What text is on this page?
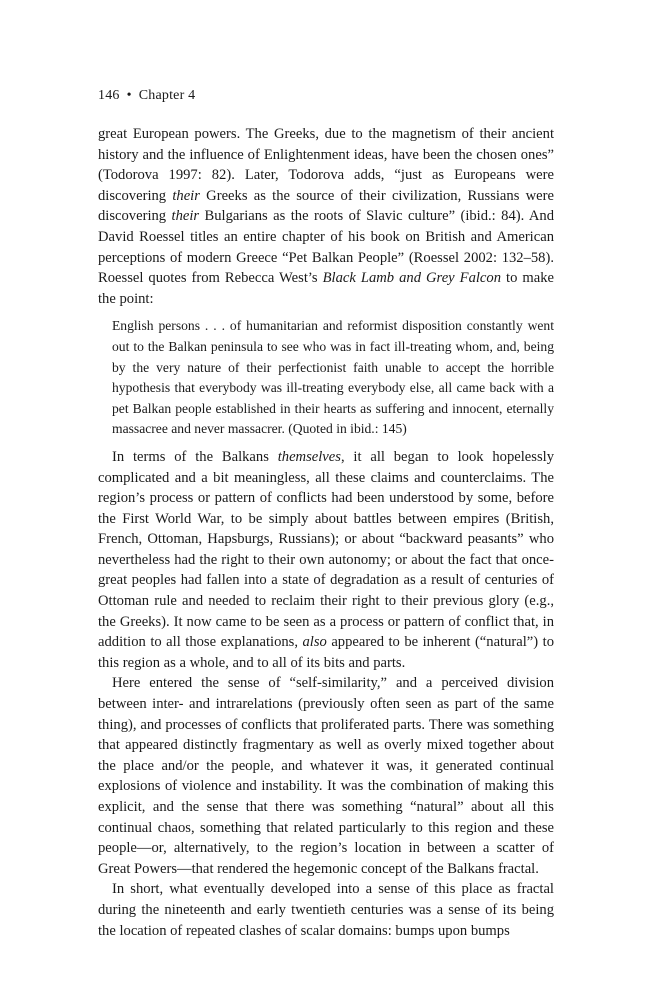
146 • Chapter 4

great European powers. The Greeks, due to the magnetism of their ancient history and the influence of Enlightenment ideas, have been the chosen ones” (Todorova 1997: 82). Later, Todorova adds, “just as Europeans were discovering their Greeks as the source of their civilization, Russians were discovering their Bulgarians as the roots of Slavic culture” (ibid.: 84). And David Roessel titles an entire chapter of his book on British and American perceptions of modern Greece “Pet Balkan People” (Roessel 2002: 132–58). Roessel quotes from Rebecca West’s Black Lamb and Grey Falcon to make the point:

English persons . . . of humanitarian and reformist disposition constantly went out to the Balkan peninsula to see who was in fact ill-treating whom, and, being by the very nature of their perfectionist faith unable to accept the horrible hypothesis that everybody was ill-treating everybody else, all came back with a pet Balkan people established in their hearts as suffering and innocent, eternally massacree and never massacrer. (Quoted in ibid.: 145)

In terms of the Balkans themselves, it all began to look hopelessly complicated and a bit meaningless, all these claims and counterclaims. The region’s process or pattern of conflicts had been understood by some, before the First World War, to be simply about battles between empires (British, French, Ottoman, Hapsburgs, Russians); or about “backward peasants” who nevertheless had the right to their own autonomy; or about the fact that once-great peoples had fallen into a state of degradation as a result of centuries of Ottoman rule and needed to reclaim their right to their previous glory (e.g., the Greeks). It now came to be seen as a process or pattern of conflict that, in addition to all those explanations, also appeared to be inherent (“natural”) to this region as a whole, and to all of its bits and parts.

Here entered the sense of “self-similarity,” and a perceived division between inter- and intrarelations (previously often seen as part of the same thing), and processes of conflicts that proliferated parts. There was something that appeared distinctly fragmentary as well as overly mixed together about the place and/or the people, and whatever it was, it generated continual explosions of violence and instability. It was the combination of making this explicit, and the sense that there was something “natural” about all this continual chaos, something that related particularly to this region and these people—or, alternatively, to the region’s location in between a scatter of Great Powers—that rendered the hegemonic concept of the Balkans fractal.

In short, what eventually developed into a sense of this place as fractal during the nineteenth and early twentieth centuries was a sense of its being the location of repeated clashes of scalar domains: bumps upon bumps
